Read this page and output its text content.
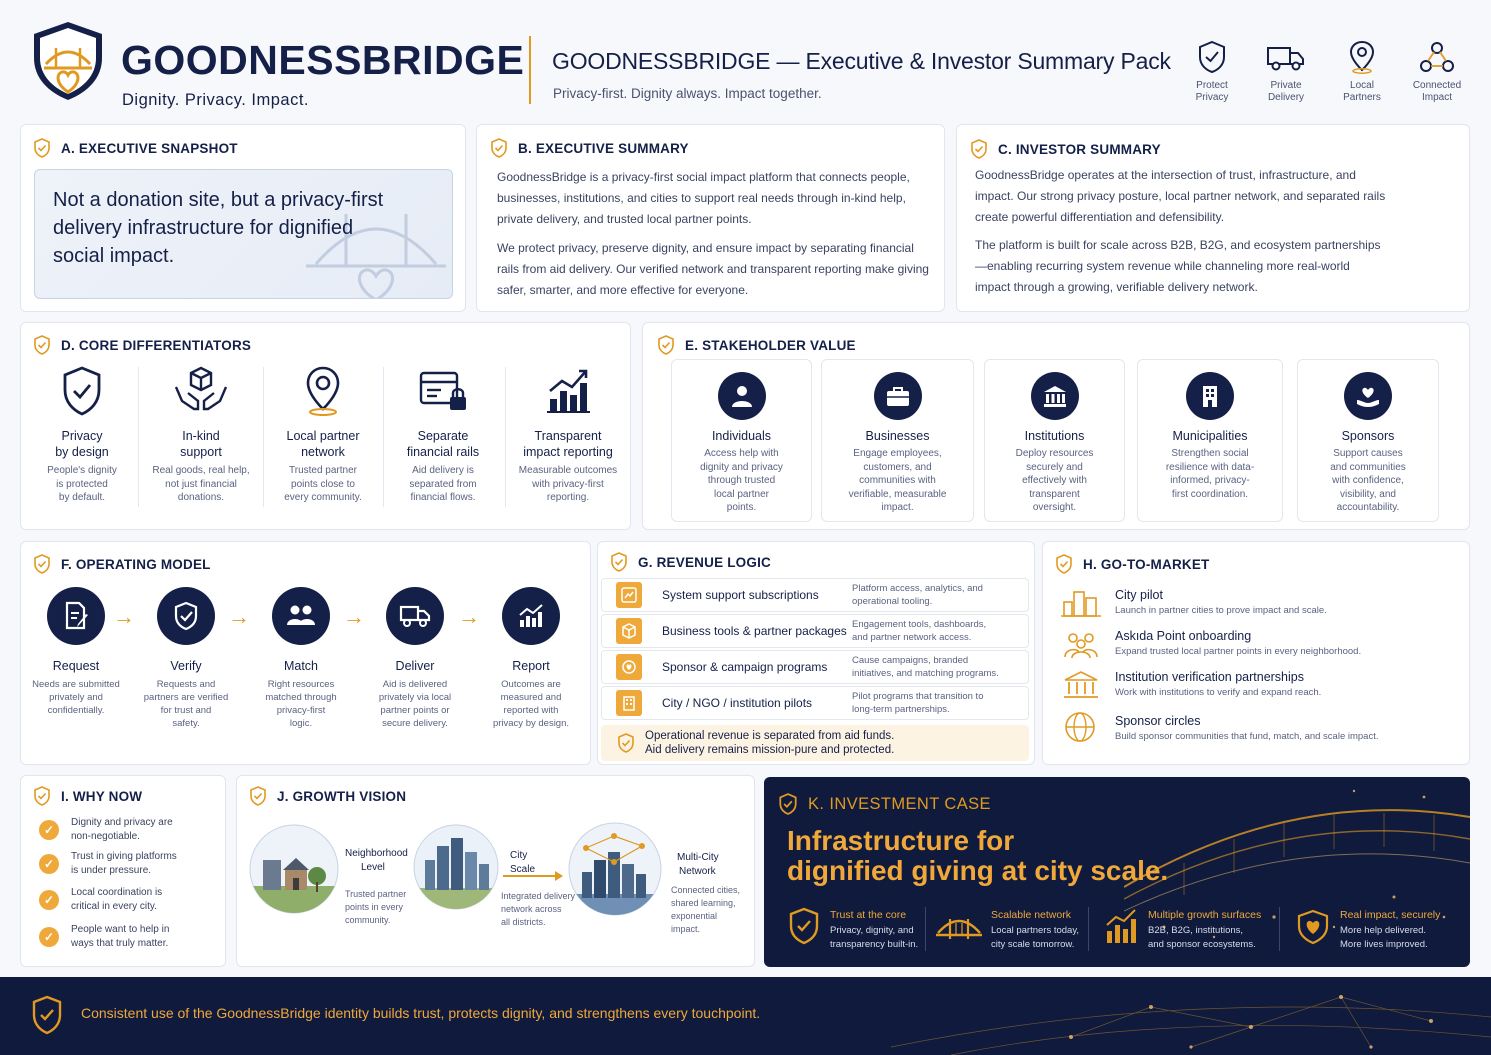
GOODNESSBRIDGE
Dignity. Privacy. Impact.
GOODNESSBRIDGE — Executive & Investor Summary Pack
Privacy-first. Dignity always. Impact together.
Protect
Privacy
Private
Delivery
Local
Partners
Connected
Impact
A. EXECUTIVE SNAPSHOT
Not a donation site, but a privacy-first
delivery infrastructure for dignified
social impact.
B. EXECUTIVE SUMMARY
GoodnessBridge is a privacy-first social impact platform that connects people, businesses, institutions, and cities to support real needs through in-kind help, private delivery, and trusted local partner points.
We protect privacy, preserve dignity, and ensure impact by separating financial rails from aid delivery. Our verified network and transparent reporting make giving safer, smarter, and more effective for everyone.
C. INVESTOR SUMMARY
GoodnessBridge operates at the intersection of trust, infrastructure, and impact. Our strong privacy posture, local partner network, and separated rails create powerful differentiation and defensibility.
The platform is built for scale across B2B, B2G, and ecosystem partnerships—enabling recurring system revenue while channeling more real-world impact through a growing, verifiable delivery network.
D. CORE DIFFERENTIATORS
Privacy
by design
People's dignity
is protected
by default.
In-kind
support
Real goods, real help,
not just financial
donations.
Local partner
network
Trusted partner
points close to
every community.
Separate
financial rails
Aid delivery is
separated from
financial flows.
Transparent
impact reporting
Measurable outcomes
with privacy-first
reporting.
E. STAKEHOLDER VALUE
Individuals
Access help with
dignity and privacy
through trusted
local partner
points.
Businesses
Engage employees,
customers, and
communities with
verifiable, measurable
impact.
Institutions
Deploy resources
securely and
effectively with
transparent
oversight.
Municipalities
Strengthen social
resilience with data-
informed, privacy-
first coordination.
Sponsors
Support causes
and communities
with confidence,
visibility, and
accountability.
F. OPERATING MODEL
Request
Needs are submitted
privately and
confidentially.
→
Verify
Requests and
partners are verified
for trust and
safety.
→
Match
Right resources
matched through
privacy-first
logic.
→
Deliver
Aid is delivered
privately via local
partner points or
secure delivery.
→
Report
Outcomes are
measured and
reported with
privacy by design.
G. REVENUE LOGIC
System support subscriptions	Platform access, analytics, and
operational tooling.
Business tools & partner packages Engagement tools, dashboards,
and partner network access.
Sponsor & campaign programs	Cause campaigns, branded
initiatives, and matching programs.
City / NGO / institution pilots	Pilot programs that transition to
long-term partnerships.
Operational revenue is separated from aid funds.
Aid delivery remains mission-pure and protected.
H. GO-TO-MARKET
City pilot
Launch in partner cities to prove impact and scale.
Askıda Point onboarding
Expand trusted local partner points in every neighborhood.
Institution verification partnerships
Work with institutions to verify and expand reach.
Sponsor circles
Build sponsor communities that fund, match, and scale impact.
I. WHY NOW
✓	Dignity and privacy are
non-negotiable.
✓	Trust in giving platforms
is under pressure.
✓	Local coordination is
critical in every city.
✓	People want to help in
ways that truly matter.
J. GROWTH VISION
Neighborhood
Level
Trusted partner
points in every
community.
City
Scale
Integrated delivery
network across
all districts.
Multi-City
Network
Connected cities,
shared learning,
exponential
impact.
K. INVESTMENT CASE
Infrastructure for
dignified giving at city scale.
Trust at the core
Privacy, dignity, and
transparency built-in.
Scalable network
Local partners today,
city scale tomorrow.
Multiple growth surfaces
B2B, B2G, institutions,
and sponsor ecosystems.
Real impact, securely
More help delivered.
More lives improved.
Consistent use of the GoodnessBridge identity builds trust, protects dignity, and strengthens every touchpoint.
